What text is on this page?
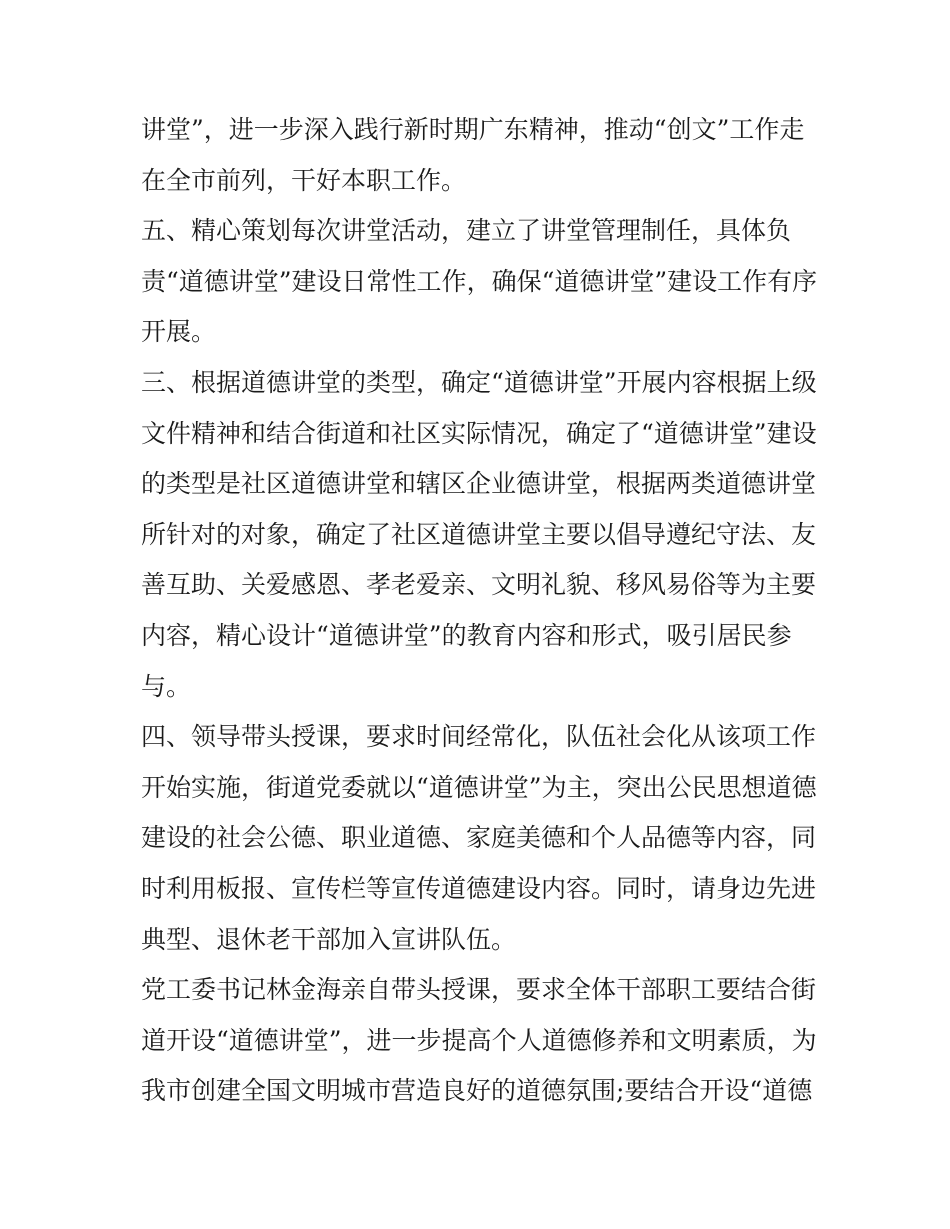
讲堂”，进一步深入践行新时期广东精神，推动“创文”工作走
在全市前列，干好本职工作。
五、精心策划每次讲堂活动，建立了讲堂管理制任，具体负
责“道德讲堂”建设日常性工作，确保“道德讲堂”建设工作有序
开展。
三、根据道德讲堂的类型，确定“道德讲堂”开展内容根据上级
文件精神和结合街道和社区实际情况，确定了“道德讲堂”建设
的类型是社区道德讲堂和辖区企业德讲堂，根据两类道德讲堂
所针对的对象，确定了社区道德讲堂主要以倡导遵纪守法、友
善互助、关爱感恩、孝老爱亲、文明礼貌、移风易俗等为主要
内容，精心设计“道德讲堂”的教育内容和形式，吸引居民参
与。
四、领导带头授课，要求时间经常化，队伍社会化从该项工作
开始实施，街道党委就以“道德讲堂”为主，突出公民思想道德
建设的社会公德、职业道德、家庭美德和个人品德等内容，同
时利用板报、宣传栏等宣传道德建设内容。同时，请身边先进
典型、退休老干部加入宣讲队伍。
党工委书记林金海亲自带头授课，要求全体干部职工要结合街
道开设“道德讲堂”，进一步提高个人道德修养和文明素质，为
我市创建全国文明城市营造良好的道德氛围;要结合开设“道德
